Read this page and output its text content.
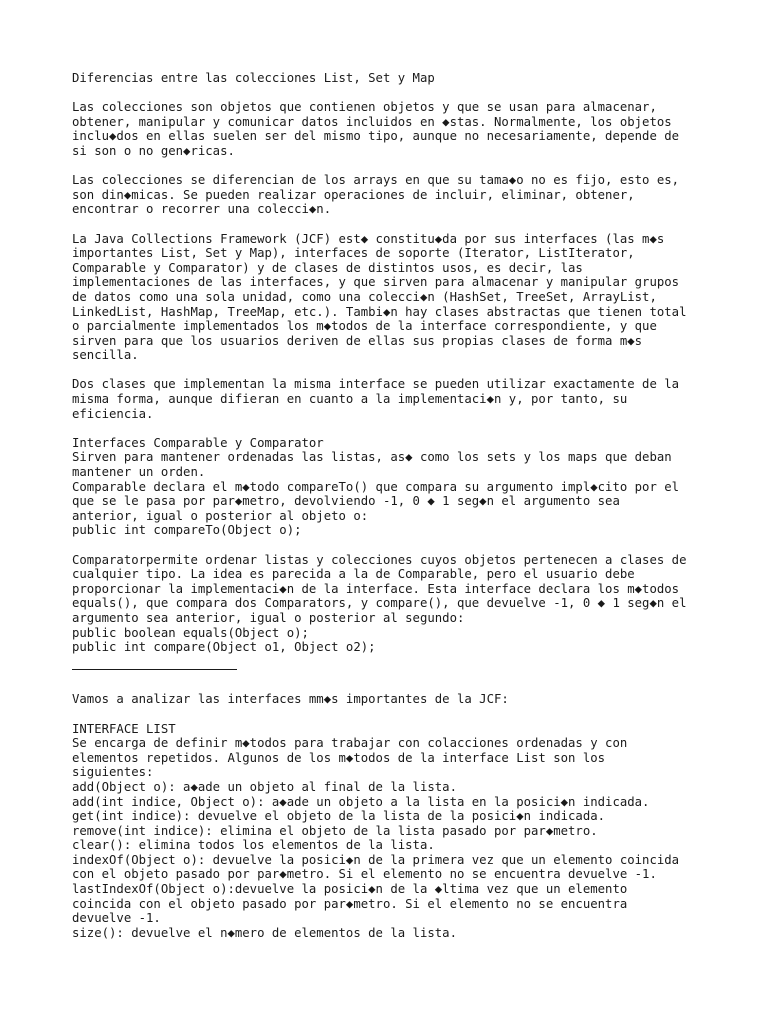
Diferencias entre las colecciones List, Set y Map
Las colecciones son objetos que contienen objetos y que se usan para almacenar,
obtener, manipular y comunicar datos incluidos en ◆stas. Normalmente, los objetos
inclu◆dos en ellas suelen ser del mismo tipo, aunque no necesariamente, depende de
si son o no gen◆ricas.
Las colecciones se diferencian de los arrays en que su tama◆o no es fijo, esto es,
son din◆micas. Se pueden realizar operaciones de incluir, eliminar, obtener,
encontrar o recorrer una colecci◆n.
La Java Collections Framework (JCF) est◆ constitu◆da por sus interfaces (las m◆s
importantes List, Set y Map), interfaces de soporte (Iterator, ListIterator,
Comparable y Comparator) y de clases de distintos usos, es decir, las
implementaciones de las interfaces, y que sirven para almacenar y manipular grupos
de datos como una sola unidad, como una colecci◆n (HashSet, TreeSet, ArrayList,
LinkedList, HashMap, TreeMap, etc.). Tambi◆n hay clases abstractas que tienen total
o parcialmente implementados los m◆todos de la interface correspondiente, y que
sirven para que los usuarios deriven de ellas sus propias clases de forma m◆s
sencilla.
Dos clases que implementan la misma interface se pueden utilizar exactamente de la
misma forma, aunque difieran en cuanto a la implementaci◆n y, por tanto, su
eficiencia.
Interfaces Comparable y Comparator
Sirven para mantener ordenadas las listas, as◆ como los sets y los maps que deban
mantener un orden.
Comparable declara el m◆todo compareTo() que compara su argumento impl◆cito por el
que se le pasa por par◆metro, devolviendo -1, 0 ◆ 1 seg◆n el argumento sea
anterior, igual o posterior al objeto o:
public int compareTo(Object o);
Comparatorpermite ordenar listas y colecciones cuyos objetos pertenecen a clases de
cualquier tipo. La idea es parecida a la de Comparable, pero el usuario debe
proporcionar la implementaci◆n de la interface. Esta interface declara los m◆todos
equals(), que compara dos Comparators, y compare(), que devuelve -1, 0 ◆ 1 seg◆n el
argumento sea anterior, igual o posterior al segundo:
public boolean equals(Object o);
public int compare(Object o1, Object o2);
Vamos a analizar las interfaces mm◆s importantes de la JCF:
INTERFACE LIST
Se encarga de definir m◆todos para trabajar con colacciones ordenadas y con
elementos repetidos. Algunos de los m◆todos de la interface List son los
siguientes:
add(Object o): a◆ade un objeto al final de la lista.
add(int indice, Object o): a◆ade un objeto a la lista en la posici◆n indicada.
get(int indice): devuelve el objeto de la lista de la posici◆n indicada.
remove(int indice): elimina el objeto de la lista pasado por par◆metro.
clear(): elimina todos los elementos de la lista.
indexOf(Object o): devuelve la posici◆n de la primera vez que un elemento coincida
con el objeto pasado por par◆metro. Si el elemento no se encuentra devuelve -1.
lastIndexOf(Object o):devuelve la posici◆n de la ◆ltima vez que un elemento
coincida con el objeto pasado por par◆metro. Si el elemento no se encuentra
devuelve -1.
size(): devuelve el n◆mero de elementos de la lista.
